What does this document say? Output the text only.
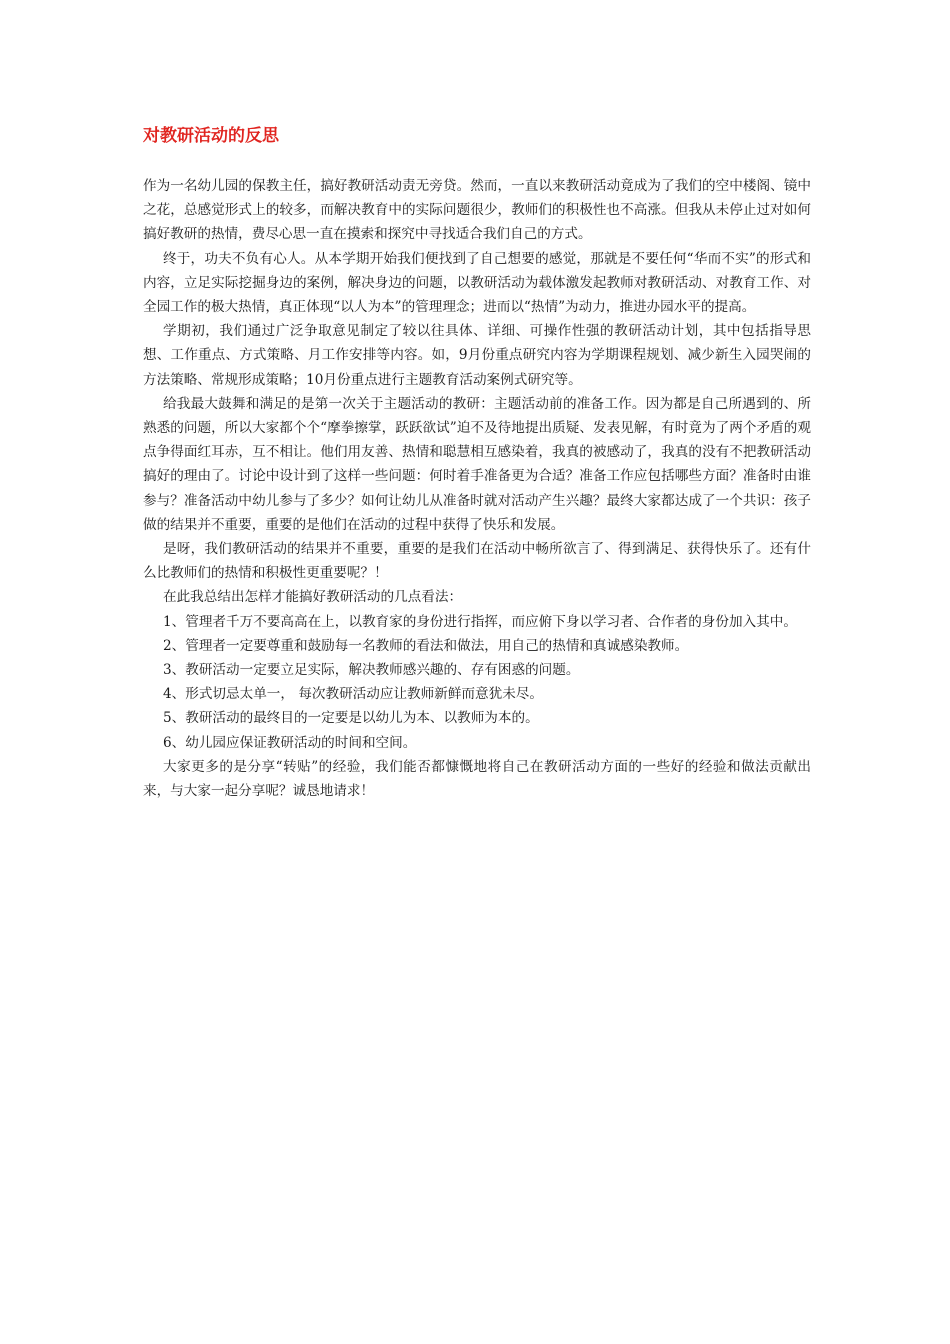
对教研活动的反思

作为一名幼儿园的保教主任，搞好教研活动责无旁贷。然而，一直以来教研活动竟成为了我们的空中楼阁、镜中之花，总感觉形式上的较多，而解决教育中的实际问题很少，教师们的积极性也不高涨。但我从未停止过对如何搞好教研的热情，费尽心思一直在摸索和探究中寻找适合我们自己的方式。

终于，功夫不负有心人。从本学期开始我们便找到了自己想要的感觉，那就是不要任何“华而不实”的形式和内容，立足实际挖掘身边的案例，解决身边的问题，以教研活动为载体激发起教师对教研活动、对教育工作、对全园工作的极大热情，真正体现“以人为本”的管理理念；进而以“热情”为动力，推进办园水平的提高。

学期初，我们通过广泛争取意见制定了较以往具体、详细、可操作性强的教研活动计划，其中包括指导思想、工作重点、方式策略、月工作安排等内容。如，9月份重点研究内容为学期课程规划、减少新生入园哭闹的方法策略、常规形成策略；10月份重点进行主题教育活动案例式研究等。

给我最大鼓舞和满足的是第一次关于主题活动的教研：主题活动前的准备工作。因为都是自己所遇到的、所熟悉的问题，所以大家都个个“摩拳擦掌，跃跃欲试”迫不及待地提出质疑、发表见解，有时竟为了两个矛盾的观点争得面红耳赤，互不相让。他们用友善、热情和聪慧相互感染着，我真的被感动了，我真的没有不把教研活动搞好的理由了。讨论中设计到了这样一些问题：何时着手准备更为合适？准备工作应包括哪些方面？准备时由谁参与？准备活动中幼儿参与了多少？如何让幼儿从准备时就对活动产生兴趣？最终大家都达成了一个共识：孩子做的结果并不重要，重要的是他们在活动的过程中获得了快乐和发展。

是呀，我们教研活动的结果并不重要，重要的是我们在活动中畅所欲言了、得到满足、获得快乐了。还有什么比教师们的热情和积极性更重要呢？！

在此我总结出怎样才能搞好教研活动的几点看法：

1、管理者千万不要高高在上，以教育家的身份进行指挥，而应俯下身以学习者、合作者的身份加入其中。

2、管理者一定要尊重和鼓励每一名教师的看法和做法，用自己的热情和真诚感染教师。

3、教研活动一定要立足实际，解决教师感兴趣的、存有困惑的问题。

4、形式切忌太单一， 每次教研活动应让教师新鲜而意犹未尽。

5、教研活动的最终目的一定要是以幼儿为本、以教师为本的。

6、幼儿园应保证教研活动的时间和空间。

大家更多的是分享“转贴”的经验，我们能否都慷慨地将自己在教研活动方面的一些好的经验和做法贡献出来，与大家一起分享呢？诚恳地请求！
